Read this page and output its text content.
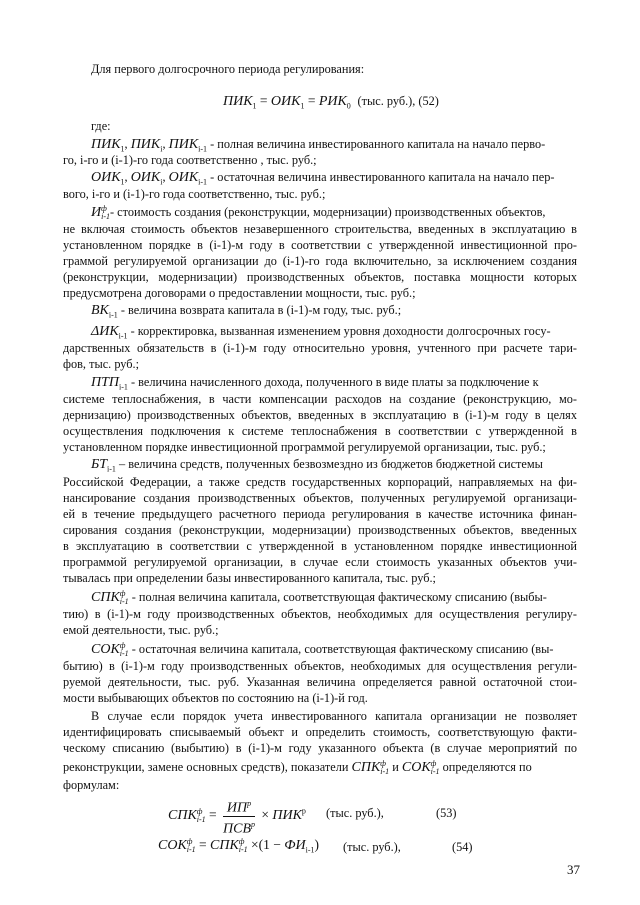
Для первого долгосрочного периода регулирования:
$ПИК_1 = ОИК_1 = РИК_0$ (тыс. руб.), (52)
где:
$ПИК_1$, $ПИК_i$, $ПИК_{i-1}$ - полная величина инвестированного капитала на начало перво-
го, i-го и (i-1)-го года соответственно , тыс. руб.;
$ОИК_1$, $ОИК_i$, $ОИК_{i-1}$ - остаточная величина инвестированного капитала на начало пер-
вого, i-го и (i-1)-го года соответственно, тыс. руб.;
Иф
i-1- стоимость создания (реконструкции, модернизации) производственных объектов,
не включая стоимость объектов незавершенного строительства, введенных в эксплуатацию в
установленном порядке в (i-1)-м году в соответствии с утвержденной инвестиционной про-
граммой регулируемой организации до (i-1)-го года включительно, за исключением создания
(реконструкции, модернизации) производственных объектов, поставка мощности которых
предусмотрена договорами о предоставлении мощности, тыс. руб.;
$ВК_{i-1}$ - величина возврата капитала в (i-1)-м году, тыс. руб.;
$\Delta ИК_{i-1}$ - корректировка, вызванная изменением уровня доходности долгосрочных госу-
дарственных обязательств в (i-1)-м году относительно уровня, учтенного при расчете тари-
фов, тыс. руб.;
$ПТП_{i-1}$ - величина начисленного дохода, полученного в виде платы за подключение к
системе теплоснабжения, в части компенсации расходов на создание (реконструкцию, мо-
дернизацию) производственных объектов, введенных в эксплуатацию в (i-1)-м году в целях
осуществления подключения к системе теплоснабжения в соответствии с утвержденной в
установленном порядке инвестиционной программой регулируемой организации, тыс. руб.;
$БТ_{i-1}$ – величина средств, полученных безвозмездно из бюджетов бюджетной системы
Российской Федерации, а также средств государственных корпораций, направляемых на фи-
нансирование создания производственных объектов, полученных регулируемой организаци-
ей в течение предыдущего расчетного периода регулирования в качестве источника финан-
сирования создания (реконструкции, модернизации) производственных объектов, введенных
в эксплуатацию в соответствии с утвержденной в установленном порядке инвестиционной
программой регулируемой организации, в случае если стоимость указанных объектов учи-
тывалась при определении базы инвестированного капитала, тыс. руб.;
СПКф
i-1 - полная величина капитала, соответствующая фактическому списанию (выбы-
тию) в (i-1)-м году производственных объектов, необходимых для осуществления регулиру-
емой деятельности, тыс. руб.;
СОКф
i-1 - остаточная величина капитала, соответствующая фактическому списанию (вы-
бытию) в (i-1)-м году производственных объектов, необходимых для осуществления регули-
руемой деятельности, тыс. руб. Указанная величина определяется равной остаточной стои-
мости выбывающих объектов по состоянию на (i-1)-й год.
В случае если порядок учета инвестированного капитала организации не позволяет
идентифицировать списываемый объект и определить стоимость, соответствующую факти-
ческому списанию (выбытию) в (i-1)-м году указанного объекта (в случае мероприятий по
реконструкции, замене основных средств), показатели СПКф
i-1 и СОКф
i-1 определяются по
формулам:
СПКф
$i-1 = \frac{ИП^р}{ПСВ^р} \times ПИК^р$ (тыс. руб.),	(53)
СОКф
i-1 = СПКф
$i-1 \times(1 - ФИ_{i-1})$ (тыс. руб.),	(54)
37
